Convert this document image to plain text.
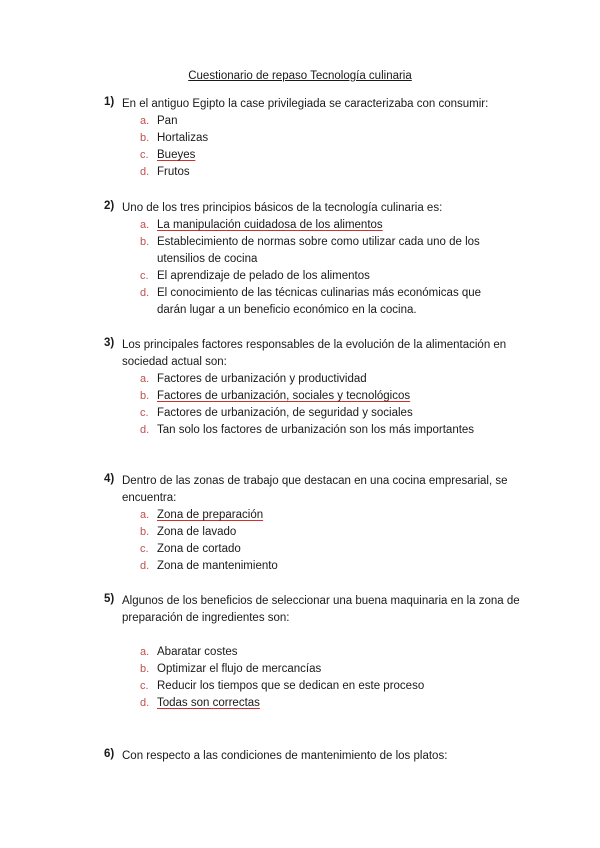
Cuestionario de repaso Tecnología culinaria
1) En el antiguo Egipto la case privilegiada se caracterizaba con consumir:
a. Pan
b. Hortalizas
c. Bueyes
d. Frutos
2) Uno de los tres principios básicos de la tecnología culinaria es:
a. La manipulación cuidadosa de los alimentos
b. Establecimiento de normas sobre como utilizar cada uno de los utensilios de cocina
c. El aprendizaje de pelado de los alimentos
d. El conocimiento de las técnicas culinarias más económicas que darán lugar a un beneficio económico en la cocina.
3) Los principales factores responsables de la evolución de la alimentación en sociedad actual son:
a. Factores de urbanización y productividad
b. Factores de urbanización, sociales y tecnológicos
c. Factores de urbanización, de seguridad y sociales
d. Tan solo los factores de urbanización son los más importantes
4) Dentro de las zonas de trabajo que destacan en una cocina empresarial, se encuentra:
a. Zona de preparación
b. Zona de lavado
c. Zona de cortado
d. Zona de mantenimiento
5) Algunos de los beneficios de seleccionar una buena maquinaria en la zona de preparación de ingredientes son:
a. Abaratar costes
b. Optimizar el flujo de mercancías
c. Reducir los tiempos que se dedican en este proceso
d. Todas son correctas
6) Con respecto a las condiciones de mantenimiento de los platos:
